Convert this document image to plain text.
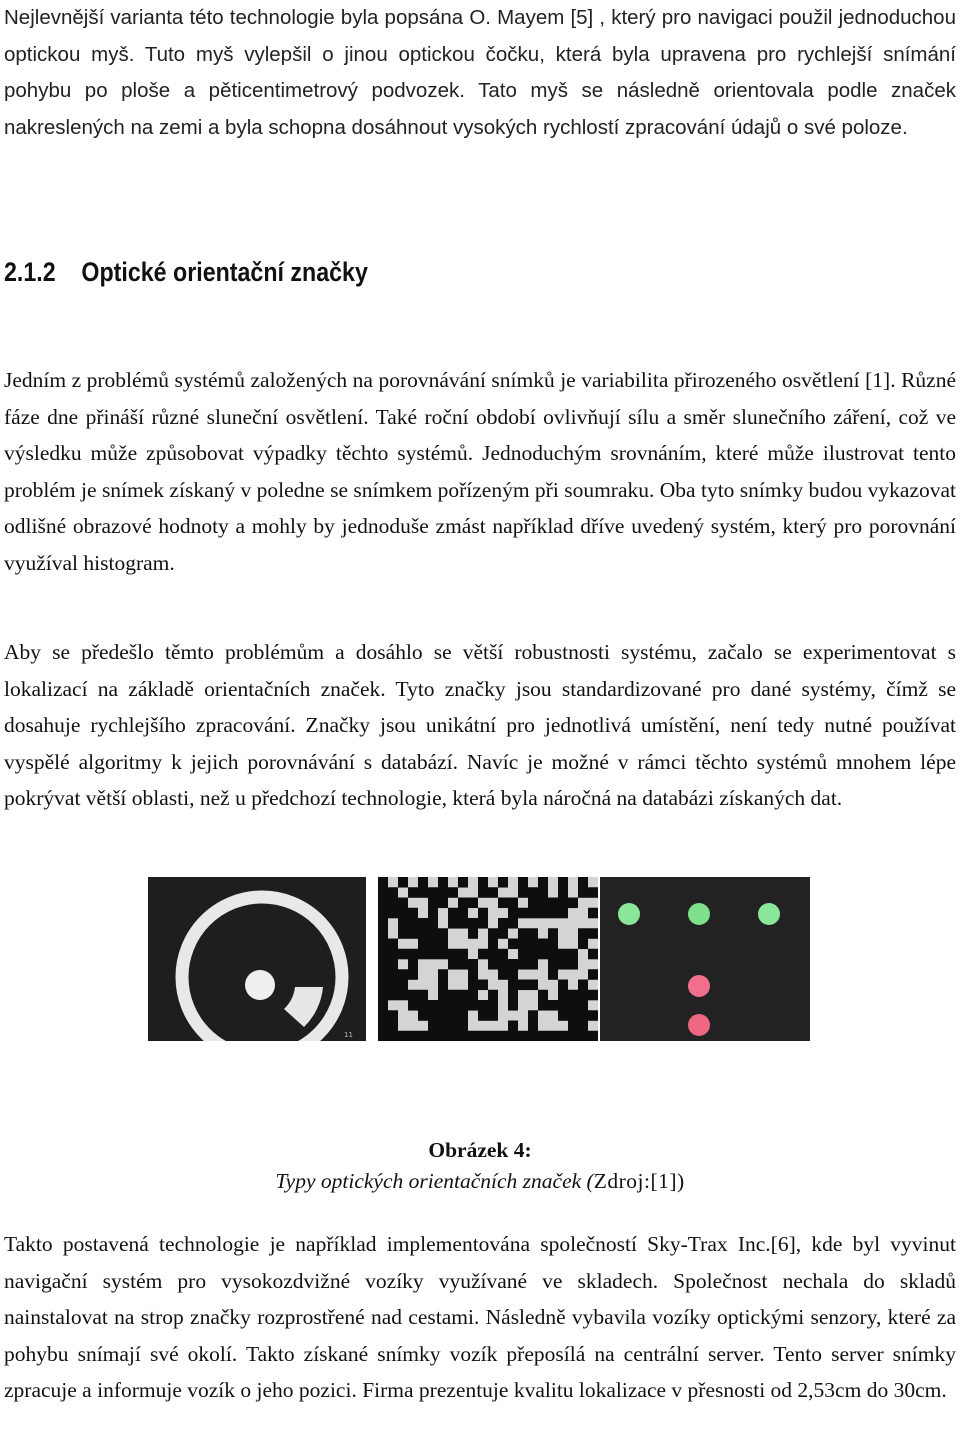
Nejlevnější varianta této technologie byla popsána O. Mayem [5] , který pro navigaci použil jednoduchou optickou myš. Tuto myš vylepšil o jinou optickou čočku, která byla upravena pro rychlejší snímání pohybu po ploše a pěticentimetrový podvozek. Tato myš se následně orientovala podle značek nakreslených na zemi a byla schopna dosáhnout vysokých rychlostí zpracování údajů o své poloze.

2.1.2 Optické orientační značky

Jedním z problémů systémů založených na porovnávání snímků je variabilita přirozeného osvětlení [1]. Různé fáze dne přináší různé sluneční osvětlení. Také roční období ovlivňují sílu a směr slunečního záření, což ve výsledku může způsobovat výpadky těchto systémů. Jednoduchým srovnáním, které může ilustrovat tento problém je snímek získaný v poledne se snímkem pořízeným při soumraku. Oba tyto snímky budou vykazovat odlišné obrazové hodnoty a mohly by jednoduše zmást například dříve uvedený systém, který pro porovnání využíval histogram.

Aby se předešlo těmto problémům a dosáhlo se větší robustnosti systému, začalo se experimentovat s lokalizací na základě orientačních značek. Tyto značky jsou standardizované pro dané systémy, čímž se dosahuje rychlejšího zpracování. Značky jsou unikátní pro jednotlivá umístění, není tedy nutné používat vyspělé algoritmy k jejich porovnávání s databází. Navíc je možné v rámci těchto systémů mnohem lépe pokrývat větší oblasti, než u předchozí technologie, která byla náročná na databázi získaných dat.

11

Obrázek 4:

Typy optických orientačních značek (Zdroj:[1])

Takto postavená technologie je například implementována společností Sky-Trax Inc.[6], kde byl vyvinut navigační systém pro vysokozdvižné vozíky využívané ve skladech. Společnost nechala do skladů nainstalovat na strop značky rozprostřené nad cestami. Následně vybavila vozíky optickými senzory, které za pohybu snímají své okolí. Takto získané snímky vozík přeposílá na centrální server. Tento server snímky zpracuje a informuje vozík o jeho pozici. Firma prezentuje kvalitu lokalizace v přesnosti od 2,53cm do 30cm.
